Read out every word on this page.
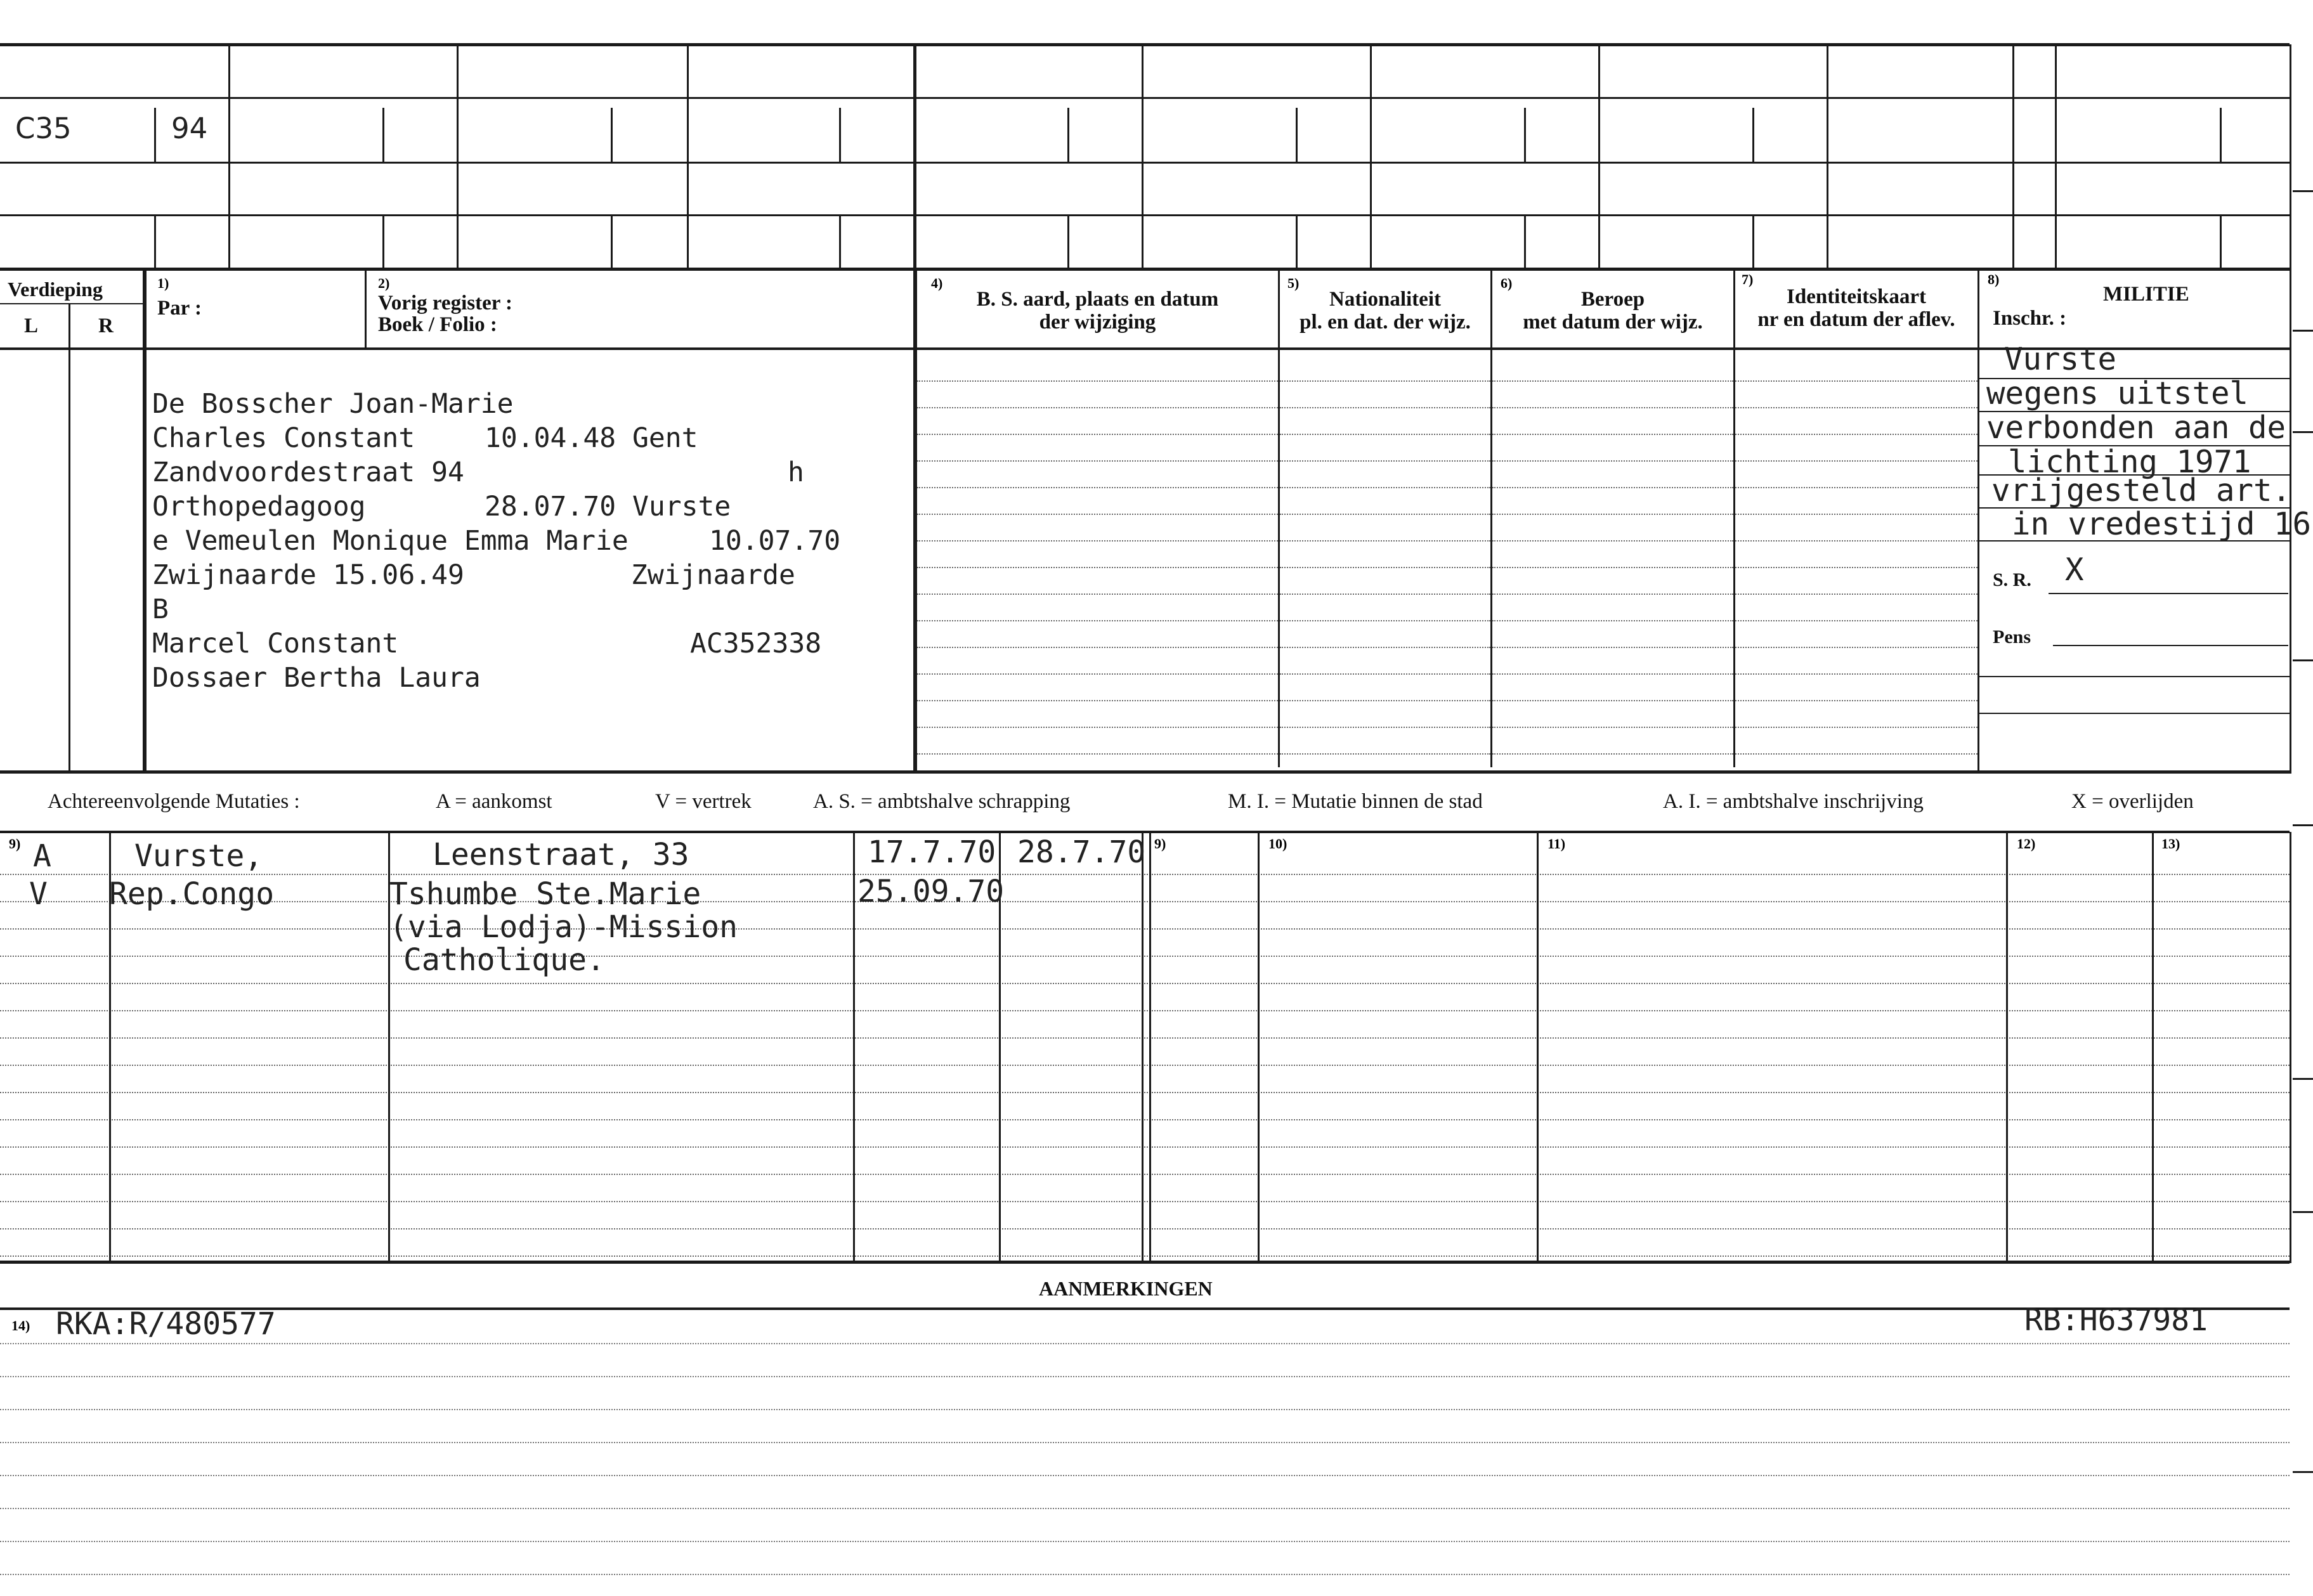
C35	94
Verdieping
L	R
1)
Par :
2)
Vorig register :
Boek / Folio :
4)
B. S. aard, plaats en datum
der wijziging
5)
Nationaliteit
pl. en dat. der wijz.
6)
Beroep
met datum der wijz.
7)
Identiteitskaart
nr en datum der aflev.
8)
MILITIE
Inschr. :
De Bosscher Joan-Marie
Charles Constant	10.04.48 Gent
Zandvoordestraat 94	h
Orthopedagoog	28.07.70 Vurste
e Vemeulen Monique Emma Marie	10.07.70
Zwijnaarde 15.06.49	Zwijnaarde
B
Marcel Constant	AC352338
Dossaer Bertha Laura
Vurste
wegens uitstel
verbonden aan de
lichting 1971
vrijgesteld art.
in vredestijd 16
S. R. X
Pens
Achtereenvolgende Mutaties :	A = aankomst	V = vertrek	A. S. = ambtshalve schrapping	M. I. = Mutatie binnen de stad	A. I. = ambtshalve inschrijving	X = overlijden
9)	9)	10)	11)	12)	13)
A	Vurste,	Leenstraat, 33	17.7.70 28.7.70
V Rep.Congo	Tshumbe Ste.Marie	25.09.70
(via Lodja)-Mission
Catholique.
AANMERKINGEN
14) RKA:R/480577	RB:H637981
